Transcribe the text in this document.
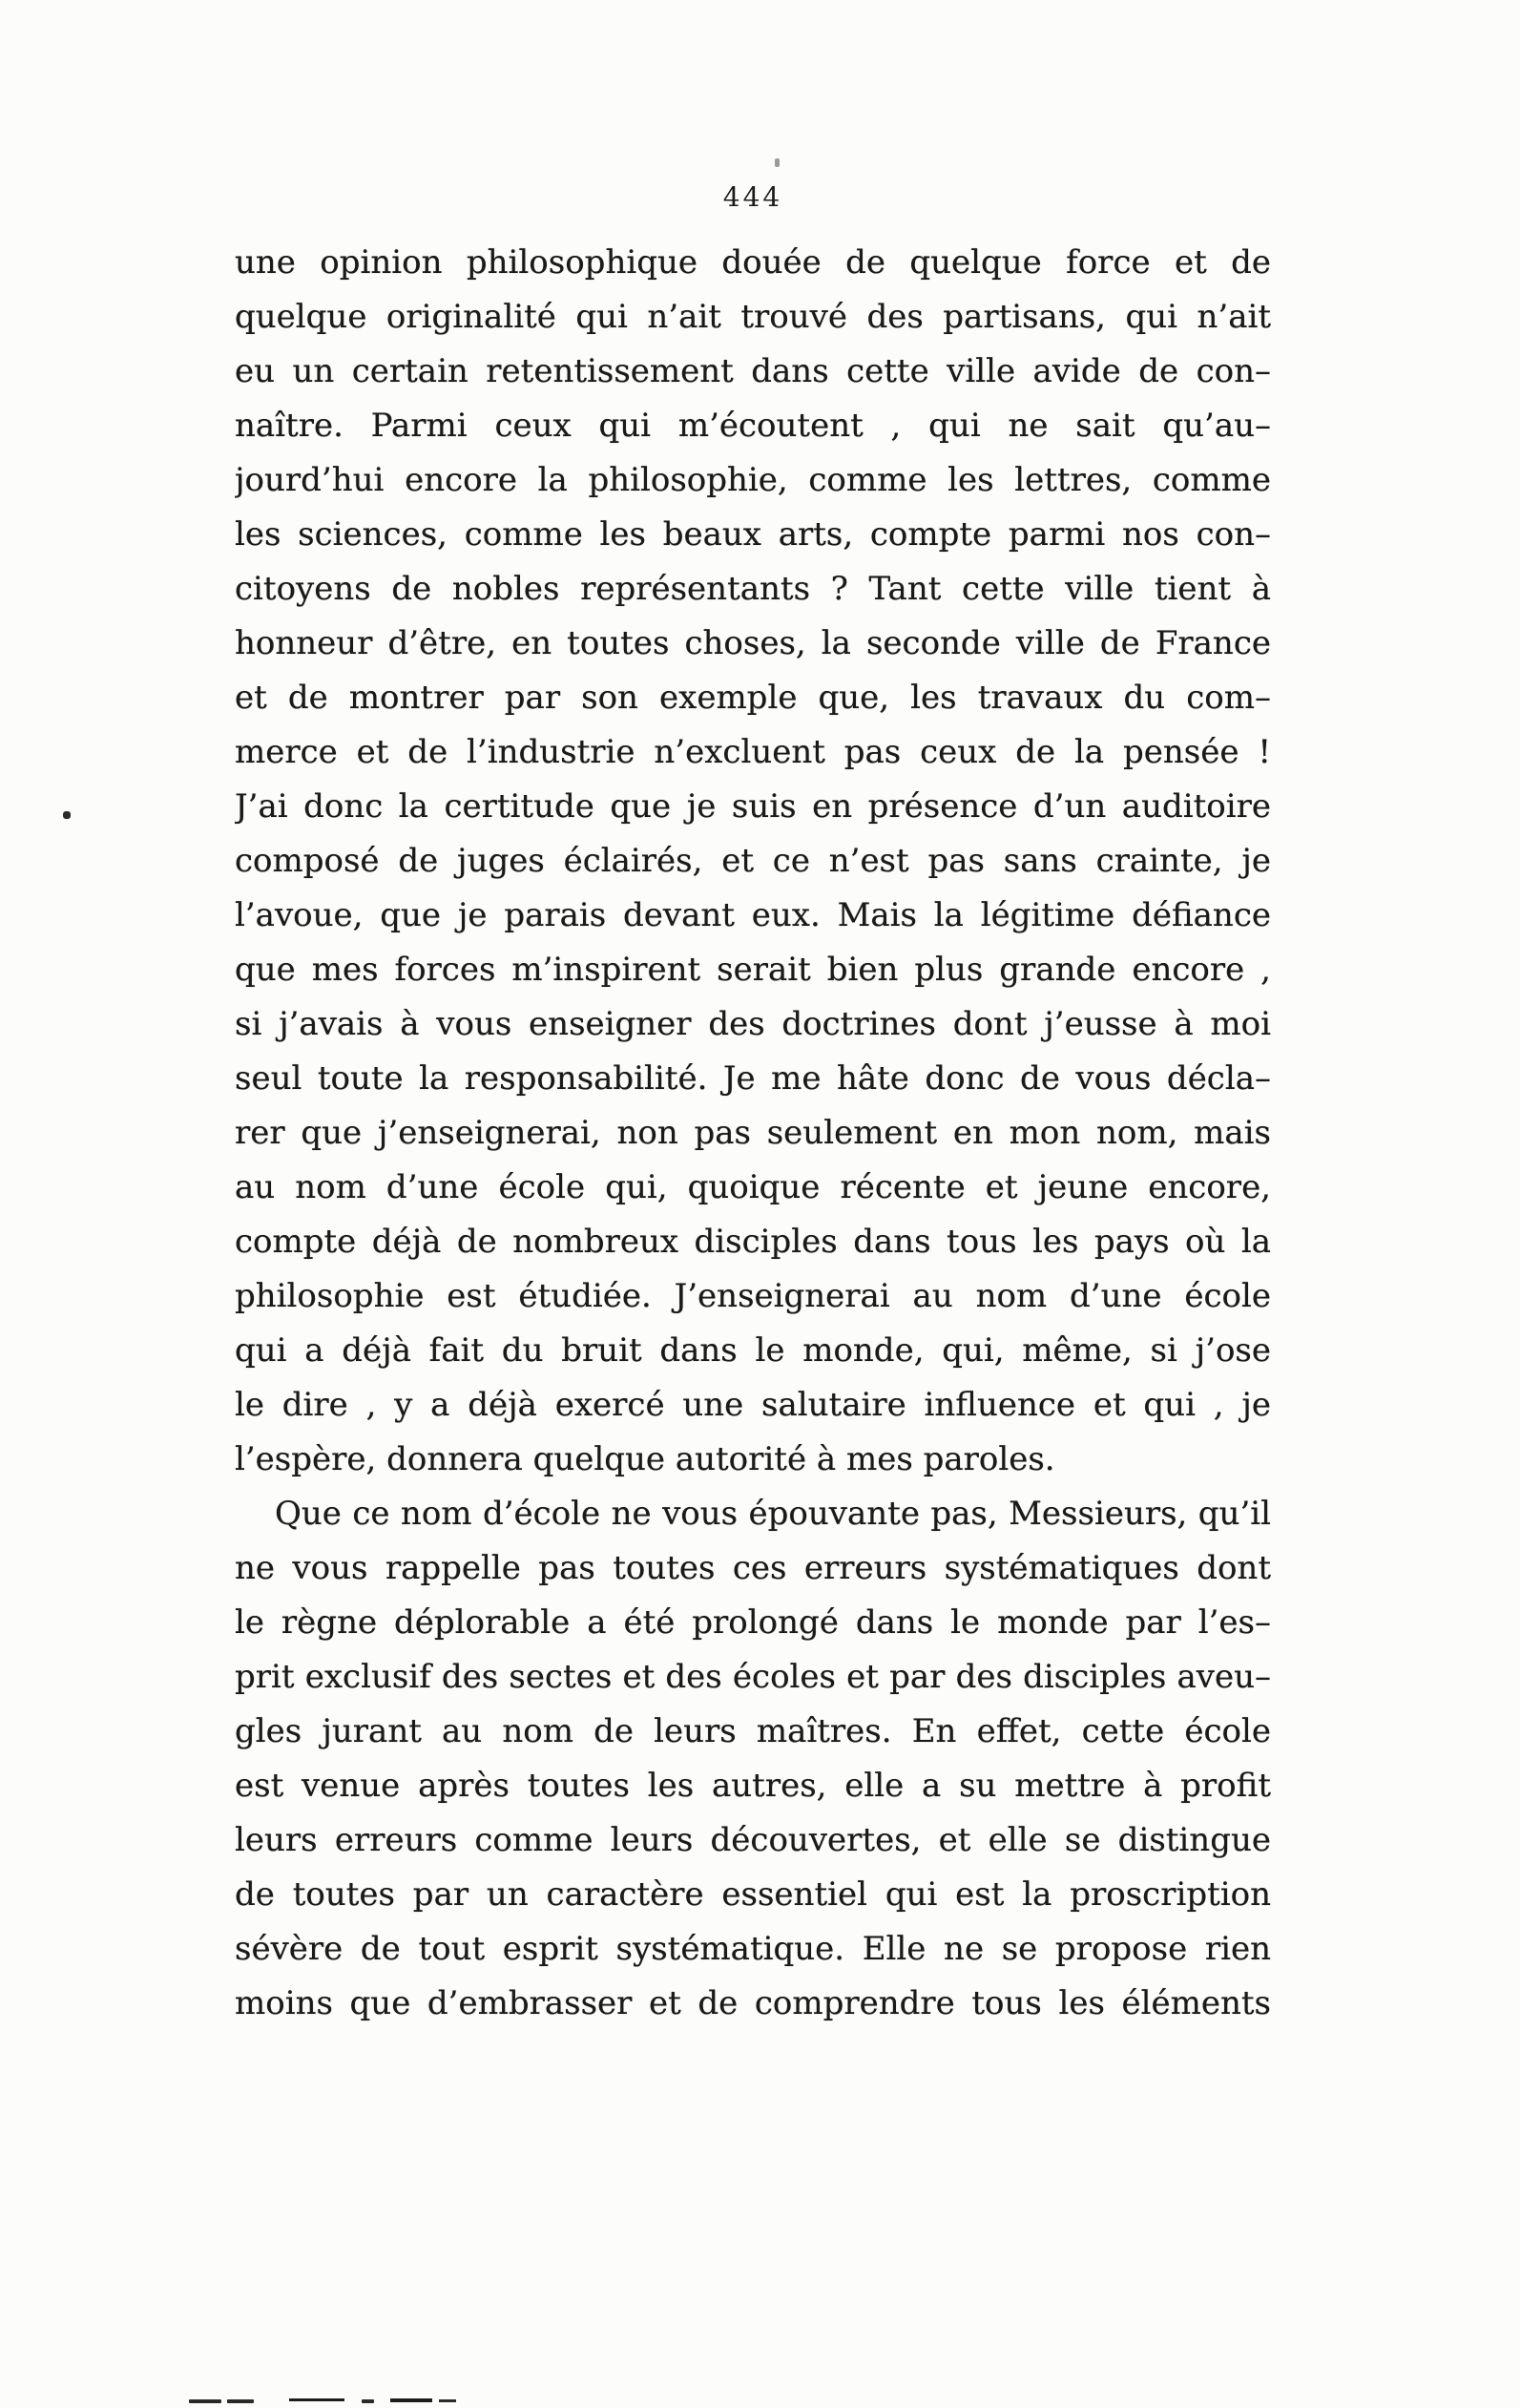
444
une opinion philosophique douée de quelque force et de
quelque originalité qui n’ait trouvé des partisans, qui n’ait
eu un certain retentissement dans cette ville avide de con–
naître. Parmi ceux qui m’écoutent , qui ne sait qu’au–
jourd’hui encore la philosophie, comme les lettres, comme
les sciences, comme les beaux arts, compte parmi nos con–
citoyens de nobles représentants ? Tant cette ville tient à
honneur d’être, en toutes choses, la seconde ville de France
et de montrer par son exemple que, les travaux du com–
merce et de l’industrie n’excluent pas ceux de la pensée !
J’ai donc la certitude que je suis en présence d’un auditoire
composé de juges éclairés, et ce n’est pas sans crainte, je
l’avoue, que je parais devant eux. Mais la légitime défiance
que mes forces m’inspirent serait bien plus grande encore ,
si j’avais à vous enseigner des doctrines dont j’eusse à moi
seul toute la responsabilité. Je me hâte donc de vous décla–
rer que j’enseignerai, non pas seulement en mon nom, mais
au nom d’une école qui, quoique récente et jeune encore,
compte déjà de nombreux disciples dans tous les pays où la
philosophie est étudiée. J’enseignerai au nom d’une école
qui a déjà fait du bruit dans le monde, qui, même, si j’ose
le dire , y a déjà exercé une salutaire influence et qui , je
l’espère, donnera quelque autorité à mes paroles.
Que ce nom d’école ne vous épouvante pas, Messieurs, qu’il
ne vous rappelle pas toutes ces erreurs systématiques dont
le règne déplorable a été prolongé dans le monde par l’es–
prit exclusif des sectes et des écoles et par des disciples aveu–
gles jurant au nom de leurs maîtres. En effet, cette école
est venue après toutes les autres, elle a su mettre à profit
leurs erreurs comme leurs découvertes, et elle se distingue
de toutes par un caractère essentiel qui est la proscription
sévère de tout esprit systématique. Elle ne se propose rien
moins que d’embrasser et de comprendre tous les éléments
